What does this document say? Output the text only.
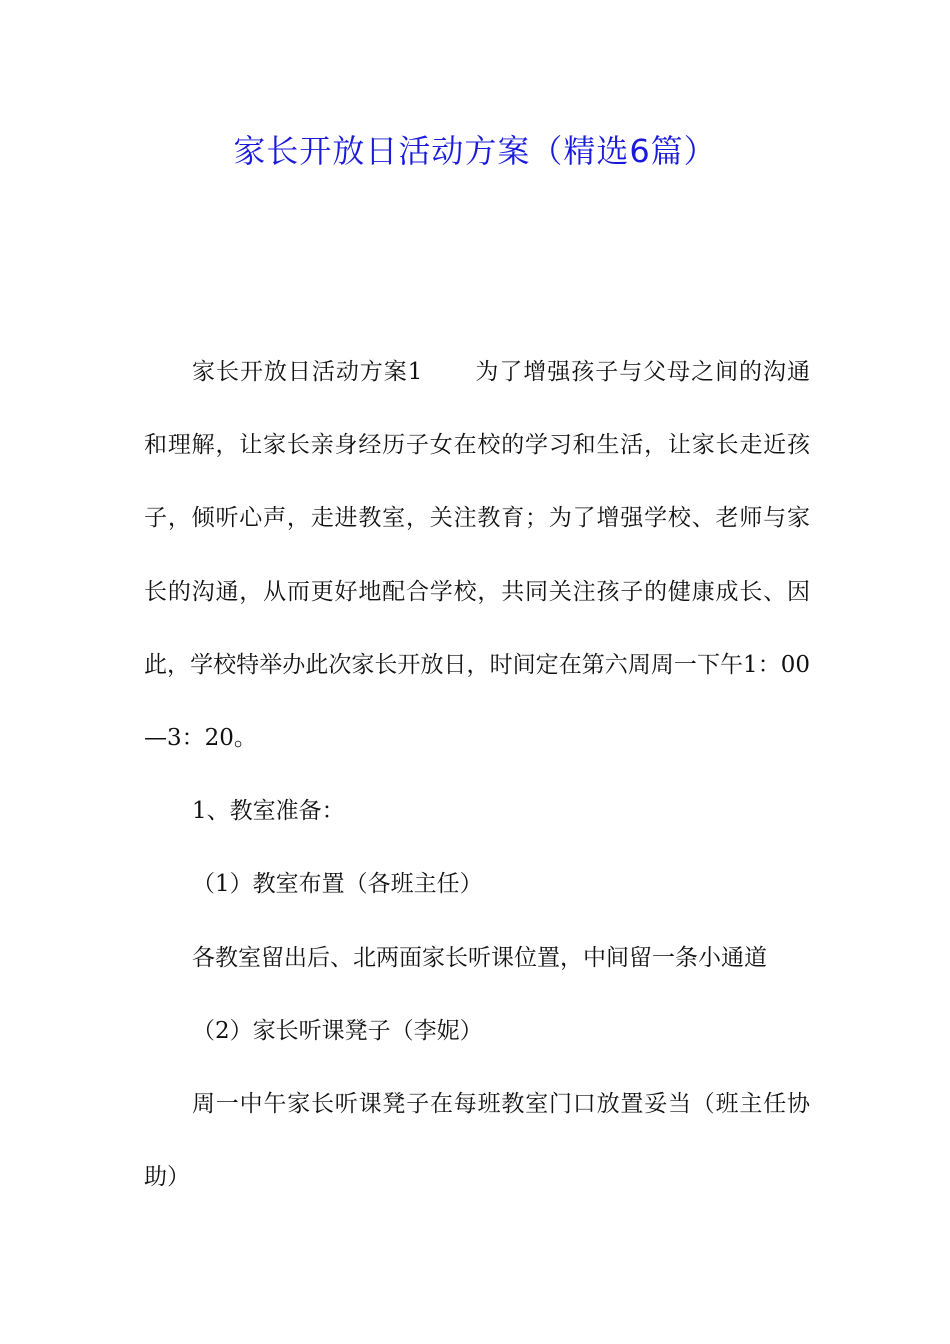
家长开放日活动方案（精选6篇）

家长开放日活动方案1 为了增强孩子与父母之间的沟通和理解，让家长亲身经历子女在校的学习和生活，让家长走近孩子，倾听心声，走进教室，关注教育；为了增强学校、老师与家长的沟通，从而更好地配合学校，共同关注孩子的健康成长、因此，学校特举办此次家长开放日，时间定在第六周周一下午1：00—3：20。

1、教室准备：

（1）教室布置（各班主任）

各教室留出后、北两面家长听课位置，中间留一条小通道

（2）家长听课凳子（李妮）

周一中午家长听课凳子在每班教室门口放置妥当（班主任协助）
